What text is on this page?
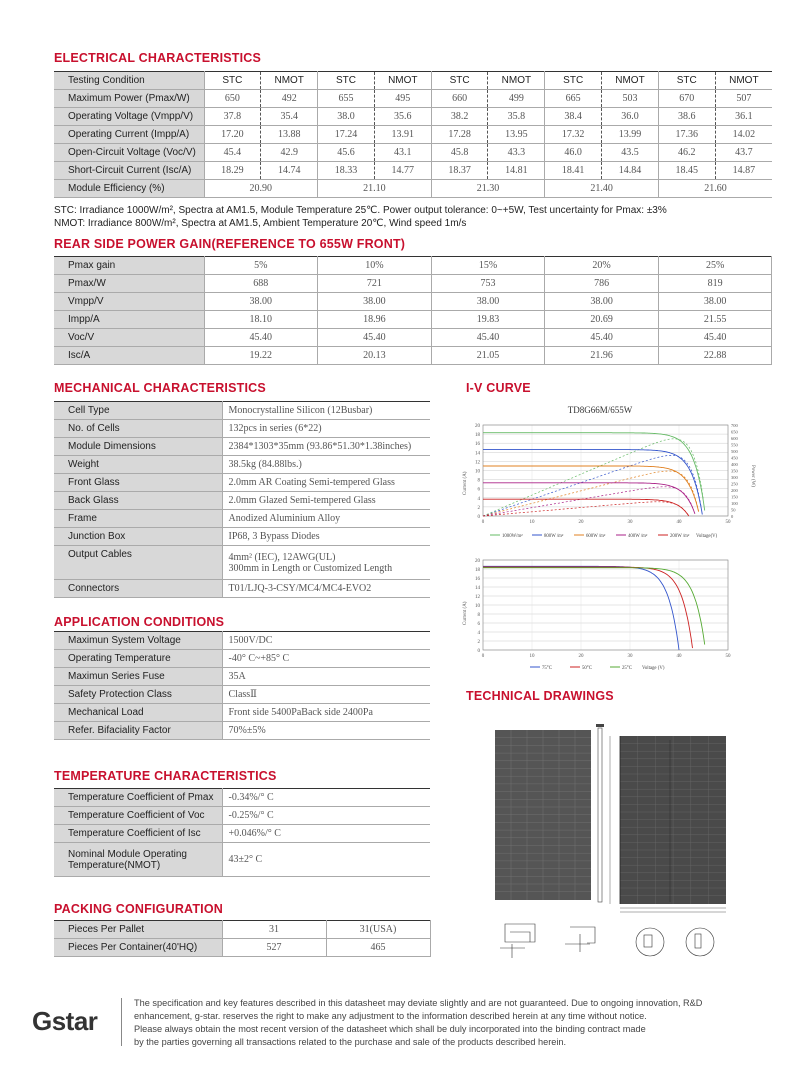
ELECTRICAL CHARACTERISTICS
Testing Condition	STC	NMOT	STC	NMOT	STC	NMOT	STC	NMOT	STC	NMOT
Maximum Power (Pmax/W)	650	492	655	495	660	499	665	503	670	507
Operating Voltage (Vmpp/V)	37.8	35.4	38.0	35.6	38.2	35.8	38.4	36.0	38.6	36.1
Operating Current (Impp/A)	17.20	13.88	17.24	13.91	17.28	13.95	17.32	13.99	17.36	14.02
Open-Circuit Voltage (Voc/V)	45.4	42.9	45.6	43.1	45.8	43.3	46.0	43.5	46.2	43.7
Short-Circuit Current (Isc/A)	18.29	14.74	18.33	14.77	18.37	14.81	18.41	14.84	18.45	14.87
Module Efficiency (%)	20.90		21.10		21.30		21.40		21.60	
STC: Irradiance 1000W/m², Spectra at AM1.5, Module Temperature 25℃. Power output tolerance: 0~+5W, Test uncertainty for Pmax: ±3%
NMOT: Irradiance 800W/m², Spectra at AM1.5, Ambient Temperature 20℃, Wind speed 1m/s
REAR SIDE POWER GAIN(REFERENCE TO 655W FRONT)
Pmax gain	5%	10%	15%	20%	25%
Pmax/W	688	721	753	786	819
Vmpp/V	38.00	38.00	38.00	38.00	38.00
Impp/A	18.10	18.96	19.83	20.69	21.55
Voc/V	45.40	45.40	45.40	45.40	45.40
Isc/A	19.22	20.13	21.05	21.96	22.88
MECHANICAL CHARACTERISTICS
Cell Type	Monocrystalline Silicon (12Busbar)
No. of Cells	132pcs in series (6*22)
Module Dimensions	2384*1303*35mm (93.86*51.30*1.38inches)
Weight	38.5kg (84.88lbs.)
Front Glass	2.0mm AR Coating Semi-tempered Glass
Back Glass	2.0mm Glazed Semi-tempered Glass
Frame	Anodized Aluminium Alloy
Junction Box	IP68, 3 Bypass Diodes
Output Cables	4mm² (IEC), 12AWG(UL)
300mm in Length or Customized Length

Connectors	T01/LJQ-3-CSY/MC4/MC4-EVO2
APPLICATION CONDITIONS
Maximun System Voltage	1500V/DC
Operating Temperature	-40° C~+85° C
Maximun Series Fuse	35A
Safety Protection Class	ClassⅡ
Mechanical Load	Front side 5400PaBack side 2400Pa
Refer. Bifaciality Factor	70%±5%
TEMPERATURE CHARACTERISTICS
Temperature Coefficient of Pmax	-0.34%/° C
Temperature Coefficient of Voc	-0.25%/° C
Temperature Coefficient of Isc	+0.046%/° C

Nominal Module Operating
Temperature(NMOT)	43±2° C
PACKING CONFIGURATION
Pieces Per Pallet	31	31(USA)
Pieces Per Container(40'HQ)	527	465
I-V CURVE
TD8G66M/655W
Current (A)	Power (W)
0
2
4
6
8
10
12
14
16
18
20
0	10	20	30	40	50
0
50
100
150
200
250
300
350
400
450
500
550
600
650
700
1000W/m²	800W /m²	600W /m²	400W /m²	200W /m² Voltage(V)
Current (A)
0
2
4
6
8
10
12
14
16
18
20
0	10	20	30	40	50
75°C	50°C	25°C Voltage (V)
TECHNICAL DRAWINGS
Gstar
The specification and key features described in this datasheet may deviate slightly and are not guaranteed. Due to ongoing innovation, R&D
enhancement, g-star. reserves the right to make any adjustment to the information described herein at any time without notice.
Please always obtain the most recent version of the datasheet which shall be duly incorporated into the binding contract made
by the parties governing all transactions related to the purchase and sale of the products described herein.
